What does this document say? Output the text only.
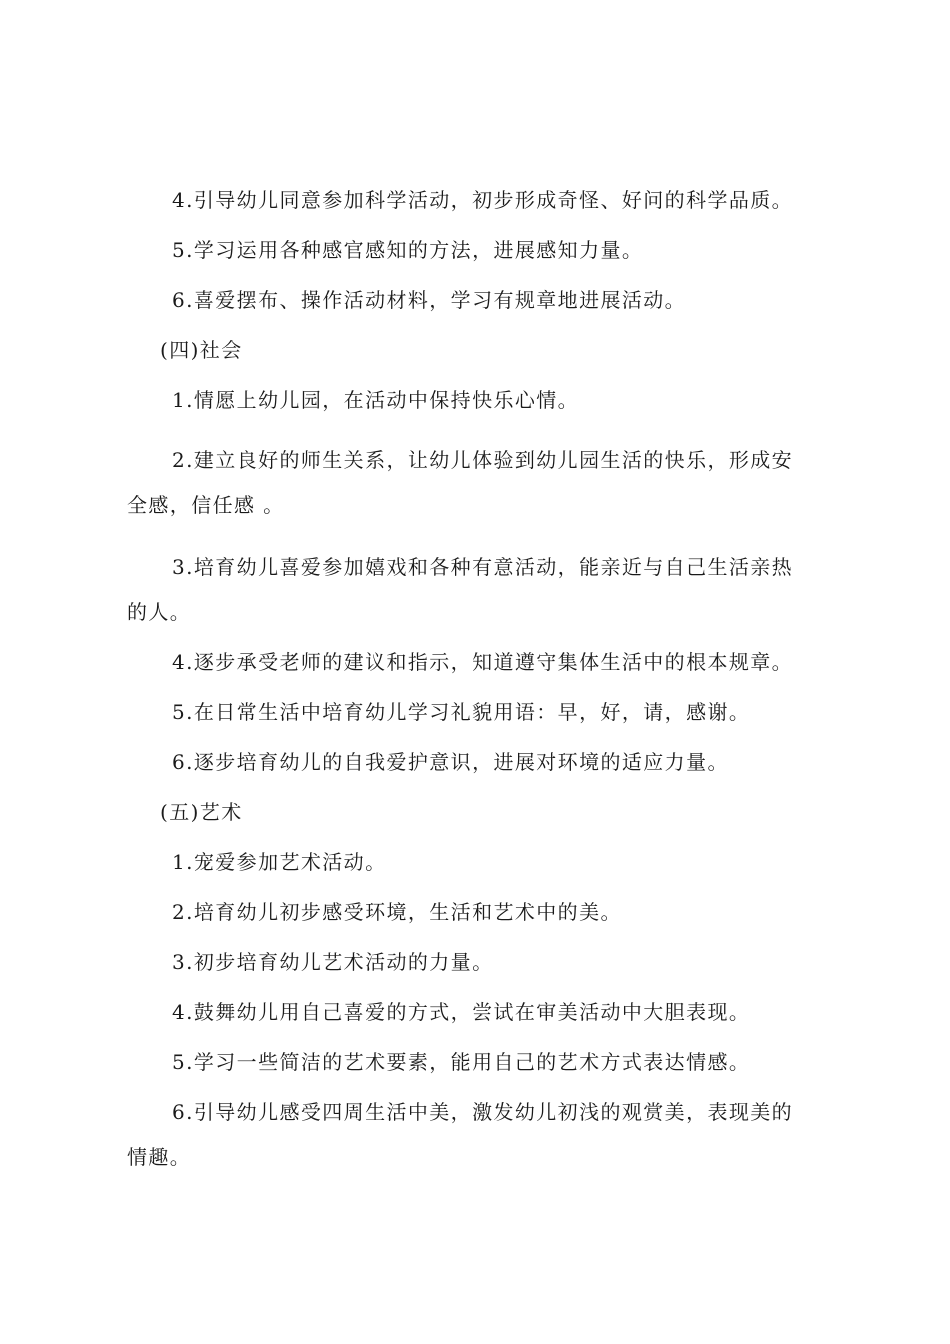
4.引导幼儿同意参加科学活动，初步形成奇怪、好问的科学品质。
5.学习运用各种感官感知的方法，进展感知力量。
6.喜爱摆布、操作活动材料，学习有规章地进展活动。
(四)社会
1.情愿上幼儿园，在活动中保持快乐心情。
2.建立良好的师生关系，让幼儿体验到幼儿园生活的快乐，形成安
全感，信任感 。
3.培育幼儿喜爱参加嬉戏和各种有意活动，能亲近与自己生活亲热
的人。
4.逐步承受老师的建议和指示，知道遵守集体生活中的根本规章。
5.在日常生活中培育幼儿学习礼貌用语：早，好，请，感谢。
6.逐步培育幼儿的自我爱护意识，进展对环境的适应力量。
(五)艺术
1.宠爱参加艺术活动。
2.培育幼儿初步感受环境，生活和艺术中的美。
3.初步培育幼儿艺术活动的力量。
4.鼓舞幼儿用自己喜爱的方式，尝试在审美活动中大胆表现。
5.学习一些简洁的艺术要素，能用自己的艺术方式表达情感。
6.引导幼儿感受四周生活中美，激发幼儿初浅的观赏美，表现美的
情趣。
